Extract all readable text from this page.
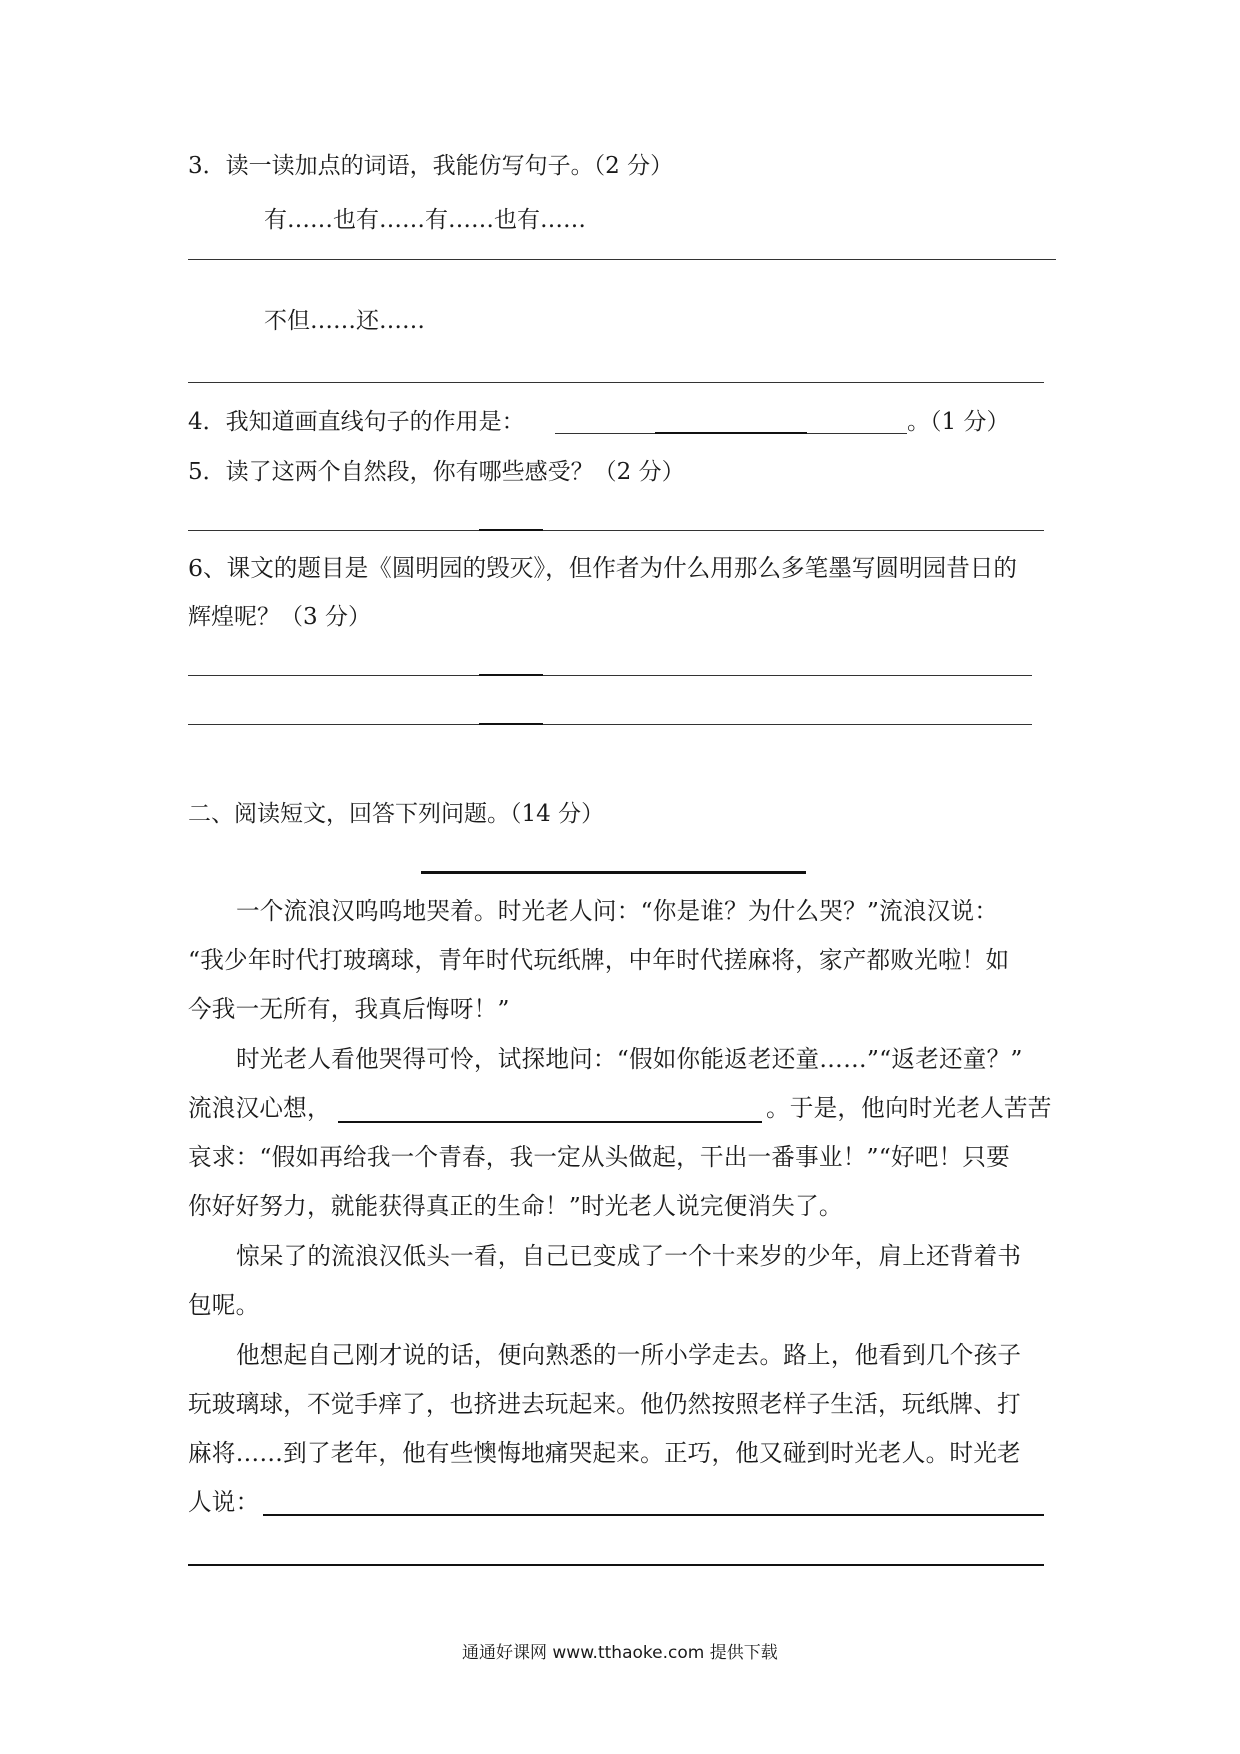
3．读一读加点的词语，我能仿写句子。（2 分）
有……也有……有……也有……
不但……还……
4．我知道画直线句子的作用是：	。（1 分）
5．读了这两个自然段，你有哪些感受？（2 分）
6、课文的题目是《圆明园的毁灭》，但作者为什么用那么多笔墨写圆明园昔日的
辉煌呢？（3 分）
二、阅读短文，回答下列问题。（14 分）
一个流浪汉呜呜地哭着。时光老人问：“你是谁？为什么哭？”流浪汉说：
“我少年时代打玻璃球，青年时代玩纸牌，中年时代搓麻将，家产都败光啦！如
今我一无所有，我真后悔呀！”
时光老人看他哭得可怜，试探地问：“假如你能返老还童……”“返老还童？”
流浪汉心想，	。于是，他向时光老人苦苦
哀求：“假如再给我一个青春，我一定从头做起，干出一番事业！”“好吧！只要
你好好努力，就能获得真正的生命！”时光老人说完便消失了。
惊呆了的流浪汉低头一看，自己已变成了一个十来岁的少年，肩上还背着书
包呢。
他想起自己刚才说的话，便向熟悉的一所小学走去。路上，他看到几个孩子
玩玻璃球，不觉手痒了，也挤进去玩起来。他仍然按照老样子生活，玩纸牌、打
麻将……到了老年，他有些懊悔地痛哭起来。正巧，他又碰到时光老人。时光老
人说：
通通好课网 www.tthaoke.com 提供下载
